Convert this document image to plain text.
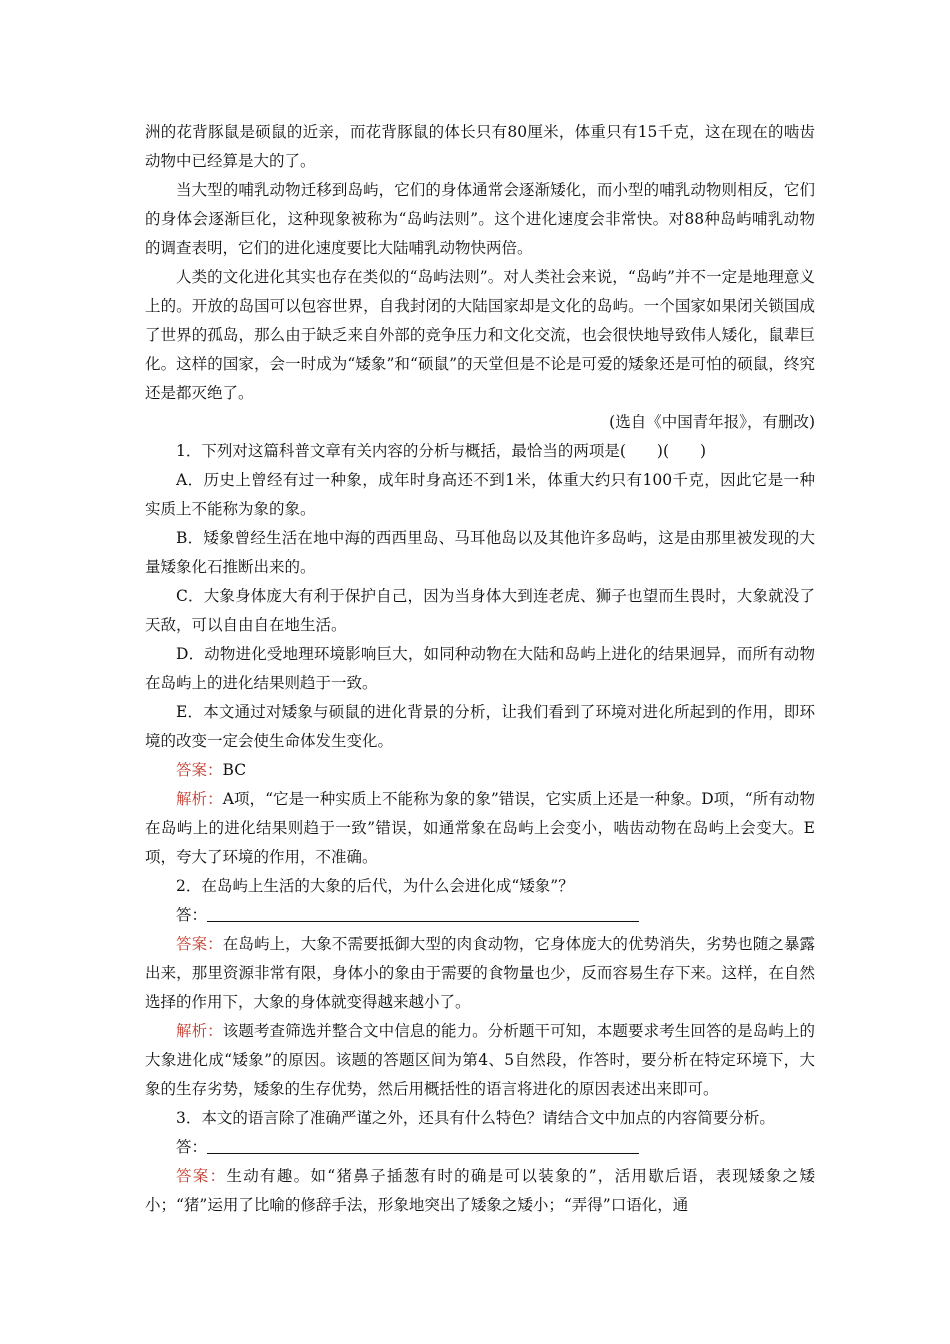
洲的花背豚鼠是硕鼠的近亲，而花背豚鼠的体长只有80厘米，体重只有15千克，这在现在的啮齿动物中已经算是大的了。

当大型的哺乳动物迁移到岛屿，它们的身体通常会逐渐矮化，而小型的哺乳动物则相反，它们的身体会逐渐巨化，这种现象被称为“岛屿法则”。这个进化速度会非常快。对88种岛屿哺乳动物的调查表明，它们的进化速度要比大陆哺乳动物快两倍。

人类的文化进化其实也存在类似的“岛屿法则”。对人类社会来说，“岛屿”并不一定是地理意义上的。开放的岛国可以包容世界，自我封闭的大陆国家却是文化的岛屿。一个国家如果闭关锁国成了世界的孤岛，那么由于缺乏来自外部的竞争压力和文化交流，也会很快地导致伟人矮化，鼠辈巨化。这样的国家，会一时成为“矮象”和“硕鼠”的天堂但是不论是可爱的矮象还是可怕的硕鼠，终究还是都灭绝了。

(选自《中国青年报》，有删改)

1．下列对这篇科普文章有关内容的分析与概括，最恰当的两项是(　　)(　　)

A．历史上曾经有过一种象，成年时身高还不到1米，体重大约只有100千克，因此它是一种实质上不能称为象的象。

B．矮象曾经生活在地中海的西西里岛、马耳他岛以及其他许多岛屿，这是由那里被发现的大量矮象化石推断出来的。

C．大象身体庞大有利于保护自己，因为当身体大到连老虎、狮子也望而生畏时，大象就没了天敌，可以自由自在地生活。

D．动物进化受地理环境影响巨大，如同种动物在大陆和岛屿上进化的结果迥异，而所有动物在岛屿上的进化结果则趋于一致。

E．本文通过对矮象与硕鼠的进化背景的分析，让我们看到了环境对进化所起到的作用，即环境的改变一定会使生命体发生变化。

答案：BC

解析：A项，“它是一种实质上不能称为象的象”错误，它实质上还是一种象。D项，“所有动物在岛屿上的进化结果则趋于一致”错误，如通常象在岛屿上会变小，啮齿动物在岛屿上会变大。E项，夸大了环境的作用，不准确。

2．在岛屿上生活的大象的后代，为什么会进化成“矮象”？

答：

答案：在岛屿上，大象不需要抵御大型的肉食动物，它身体庞大的优势消失，劣势也随之暴露出来，那里资源非常有限，身体小的象由于需要的食物量也少，反而容易生存下来。这样，在自然选择的作用下，大象的身体就变得越来越小了。

解析：该题考查筛选并整合文中信息的能力。分析题干可知，本题要求考生回答的是岛屿上的大象进化成“矮象”的原因。该题的答题区间为第4、5自然段，作答时，要分析在特定环境下，大象的生存劣势，矮象的生存优势，然后用概括性的语言将进化的原因表述出来即可。

3．本文的语言除了准确严谨之外，还具有什么特色？请结合文中加点的内容简要分析。

答：

答案：生动有趣。如“猪鼻子插葱有时的确是可以装象的”，活用歇后语，表现矮象之矮小；“猪”运用了比喻的修辞手法，形象地突出了矮象之矮小；“弄得”口语化，通
